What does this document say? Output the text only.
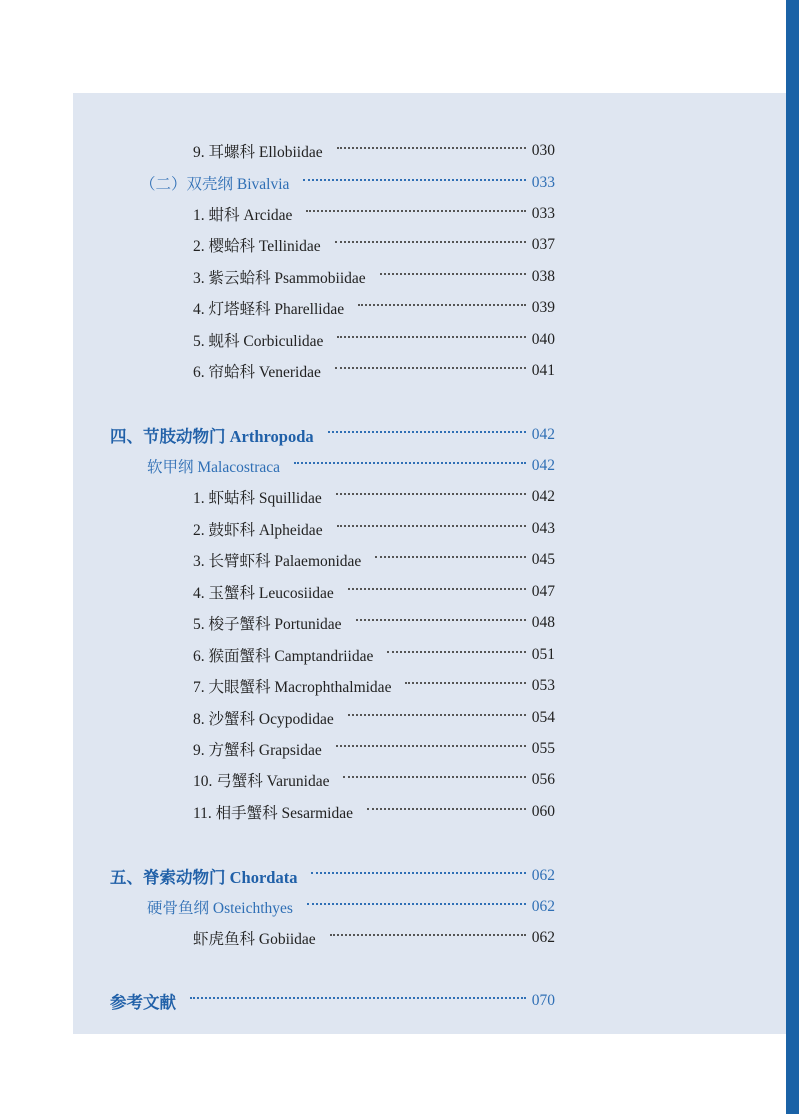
9. 耳螺科 Ellobiidae	030
（二）双壳纲 Bivalvia	033
1. 蚶科 Arcidae	033
2. 樱蛤科 Tellinidae	037
3. 紫云蛤科 Psammobiidae	038
4. 灯塔蛏科 Pharellidae	039
5. 蚬科 Corbiculidae	040
6. 帘蛤科 Veneridae	041
四、节肢动物门 Arthropoda	042
软甲纲 Malacostraca	042
1. 虾蛄科 Squillidae	042
2. 鼓虾科 Alpheidae	043
3. 长臂虾科 Palaemonidae	045
4. 玉蟹科 Leucosiidae	047
5. 梭子蟹科 Portunidae	048
6. 猴面蟹科 Camptandriidae	051
7. 大眼蟹科 Macrophthalmidae	053
8. 沙蟹科 Ocypodidae	054
9. 方蟹科 Grapsidae	055
10. 弓蟹科 Varunidae	056
11. 相手蟹科 Sesarmidae	060
五、脊索动物门 Chordata	062
硬骨鱼纲 Osteichthyes	062
虾虎鱼科 Gobiidae	062
参考文献	070
